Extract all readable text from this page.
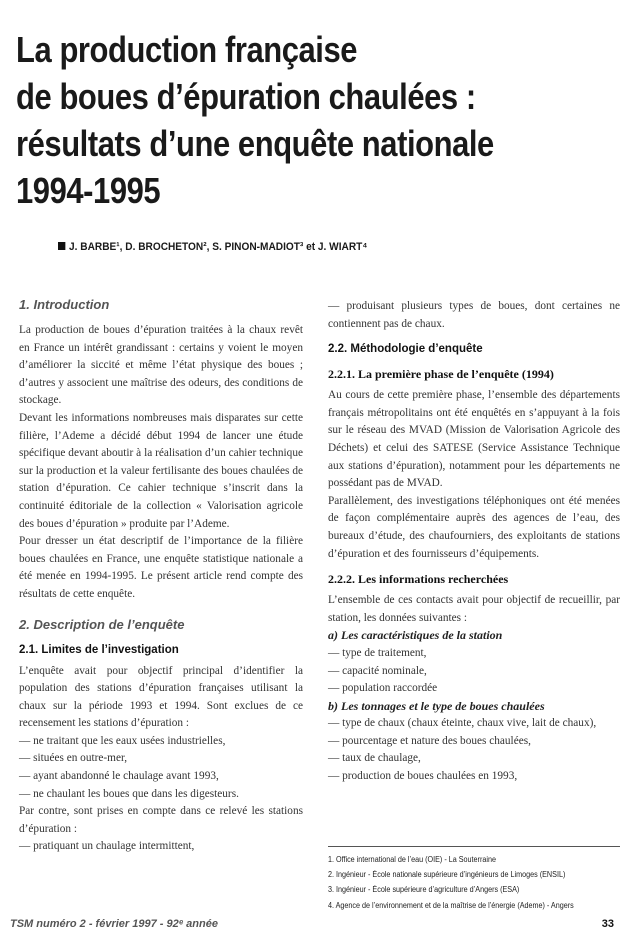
La production française
de boues d’épuration chaulées :
résultats d’une enquête nationale
1994-1995
J. BARBE¹, D. BROCHETON², S. PINON-MADIOT³ et J. WIART⁴
1. Introduction

La production de boues d’épuration traitées à la chaux revêt en France un intérêt grandissant : certains y voient le moyen d’améliorer la siccité et même l’état physique des boues ; d’autres y associent une maîtrise des odeurs, des conditions de stockage.

Devant les informations nombreuses mais disparates sur cette filière, l’Ademe a décidé début 1994 de lancer une étude spécifique devant aboutir à la réalisation d’un cahier technique sur la production et la valeur fertilisante des boues chaulées de station d’épuration. Ce cahier technique s’inscrit dans la continuité éditoriale de la collection « Valorisation agricole des boues d’épuration » produite par l’Ademe.

Pour dresser un état descriptif de l’importance de la filière boues chaulées en France, une enquête statistique nationale a été menée en 1994-1995. Le présent article rend compte des résultats de cette enquête.

2. Description de l’enquête
2.1. Limites de l’investigation

L’enquête avait pour objectif principal d’identifier la population des stations d’épuration françaises utilisant la chaux sur la période 1993 et 1994. Sont exclues de ce recensement les stations d’épuration :

— ne traitant que les eaux usées industrielles,
— situées en outre-mer,
— ayant abandonné le chaulage avant 1993,
— ne chaulant les boues que dans les digesteurs.

Par contre, sont prises en compte dans ce relevé les stations d’épuration :

— pratiquant un chaulage intermittent,

— produisant plusieurs types de boues, dont certaines ne contiennent pas de chaux.

2.2. Méthodologie d’enquête
2.2.1. La première phase de l’enquête (1994)

Au cours de cette première phase, l’ensemble des départements français métropolitains ont été enquêtés en s’appuyant à la fois sur le réseau des MVAD (Mission de Valorisation Agricole des Déchets) et celui des SATESE (Service Assistance Technique aux stations d’épuration), notamment pour les départements ne possédant pas de MVAD.

Parallèlement, des investigations téléphoniques ont été menées de façon complémentaire auprès des agences de l’eau, des bureaux d’étude, des chaufourniers, des exploitants de stations d’épuration et des fournisseurs d’équipements.

2.2.2. Les informations recherchées

L’ensemble de ces contacts avait pour objectif de recueillir, par station, les données suivantes :

a) Les caractéristiques de la station
— type de traitement,
— capacité nominale,
— population raccordée
b) Les tonnages et le type de boues chaulées

— type de chaux (chaux éteinte, chaux vive, lait de chaux),

— pourcentage et nature des boues chaulées,
— taux de chaulage,
— production de boues chaulées en 1993,
1. Office international de l’eau (OIE) - La Souterraine
2. Ingénieur - École nationale supérieure d’ingénieurs de Limoges (ENSIL)
3. Ingénieur - École supérieure d’agriculture d’Angers (ESA)
4. Agence de l’environnement et de la maîtrise de l’énergie (Ademe) - Angers
TSM numéro 2 - février 1997 - 92ᵉ année	33
